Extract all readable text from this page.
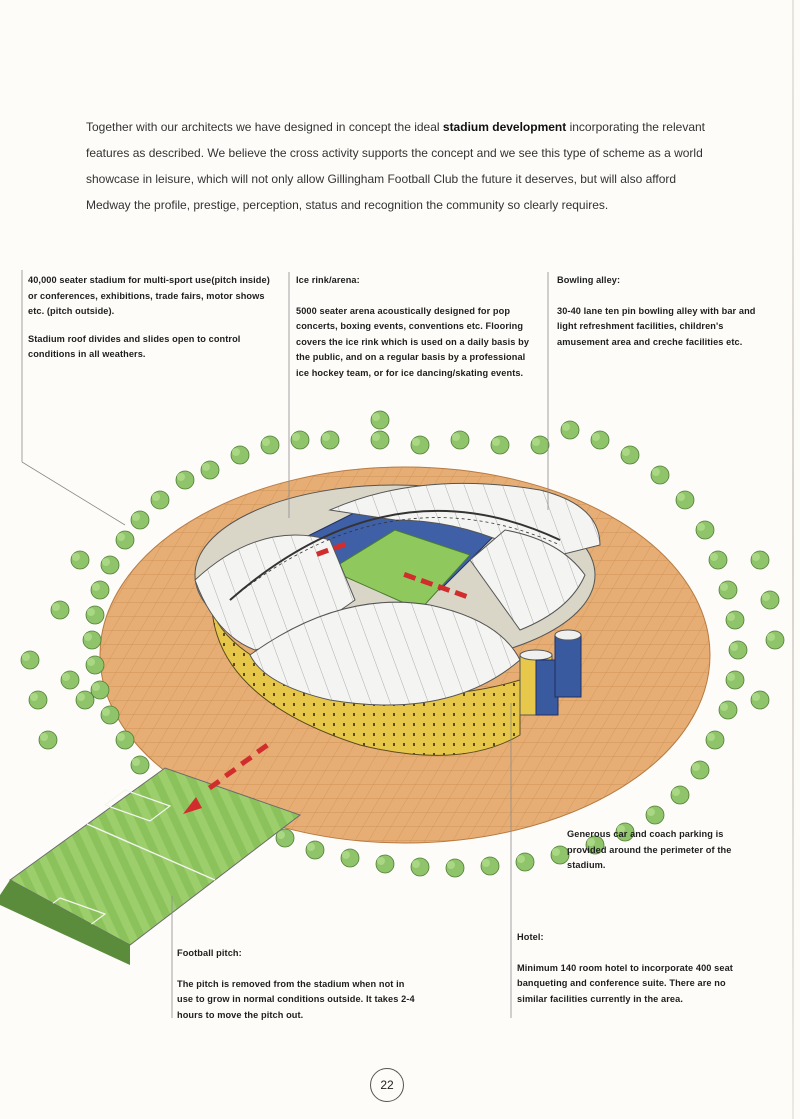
Together with our architects we have designed in concept the ideal stadium development incorporating the relevant features as described. We believe the cross activity supports the concept and we see this type of scheme as a world showcase in leisure, which will not only allow Gillingham Football Club the future it deserves, but will also afford Medway the profile, prestige, perception, status and recognition the community so clearly requires.

40,000 seater stadium for multi-sport use(pitch inside) or conferences, exhibitions, trade fairs, motor shows etc. (pitch outside).

Stadium roof divides and slides open to control conditions in all weathers.

Ice rink/arena:

5000 seater arena acoustically designed for pop concerts, boxing events, conventions etc. Flooring covers the ice rink which is used on a daily basis by the public, and on a regular basis by a professional ice hockey team, or for ice dancing/skating events.

Bowling alley:

30-40 lane ten pin bowling alley with bar and light refreshment facilities, children's amusement area and creche facilities etc.

Generous car and coach parking is provided around the perimeter of the stadium.

Hotel:

Minimum 140 room hotel to incorporate 400 seat banqueting and conference suite. There are no similar facilities currently in the area.

Football pitch:

The pitch is removed from the stadium when not in use to grow in normal conditions outside. It takes 2-4 hours to move the pitch out.

22
